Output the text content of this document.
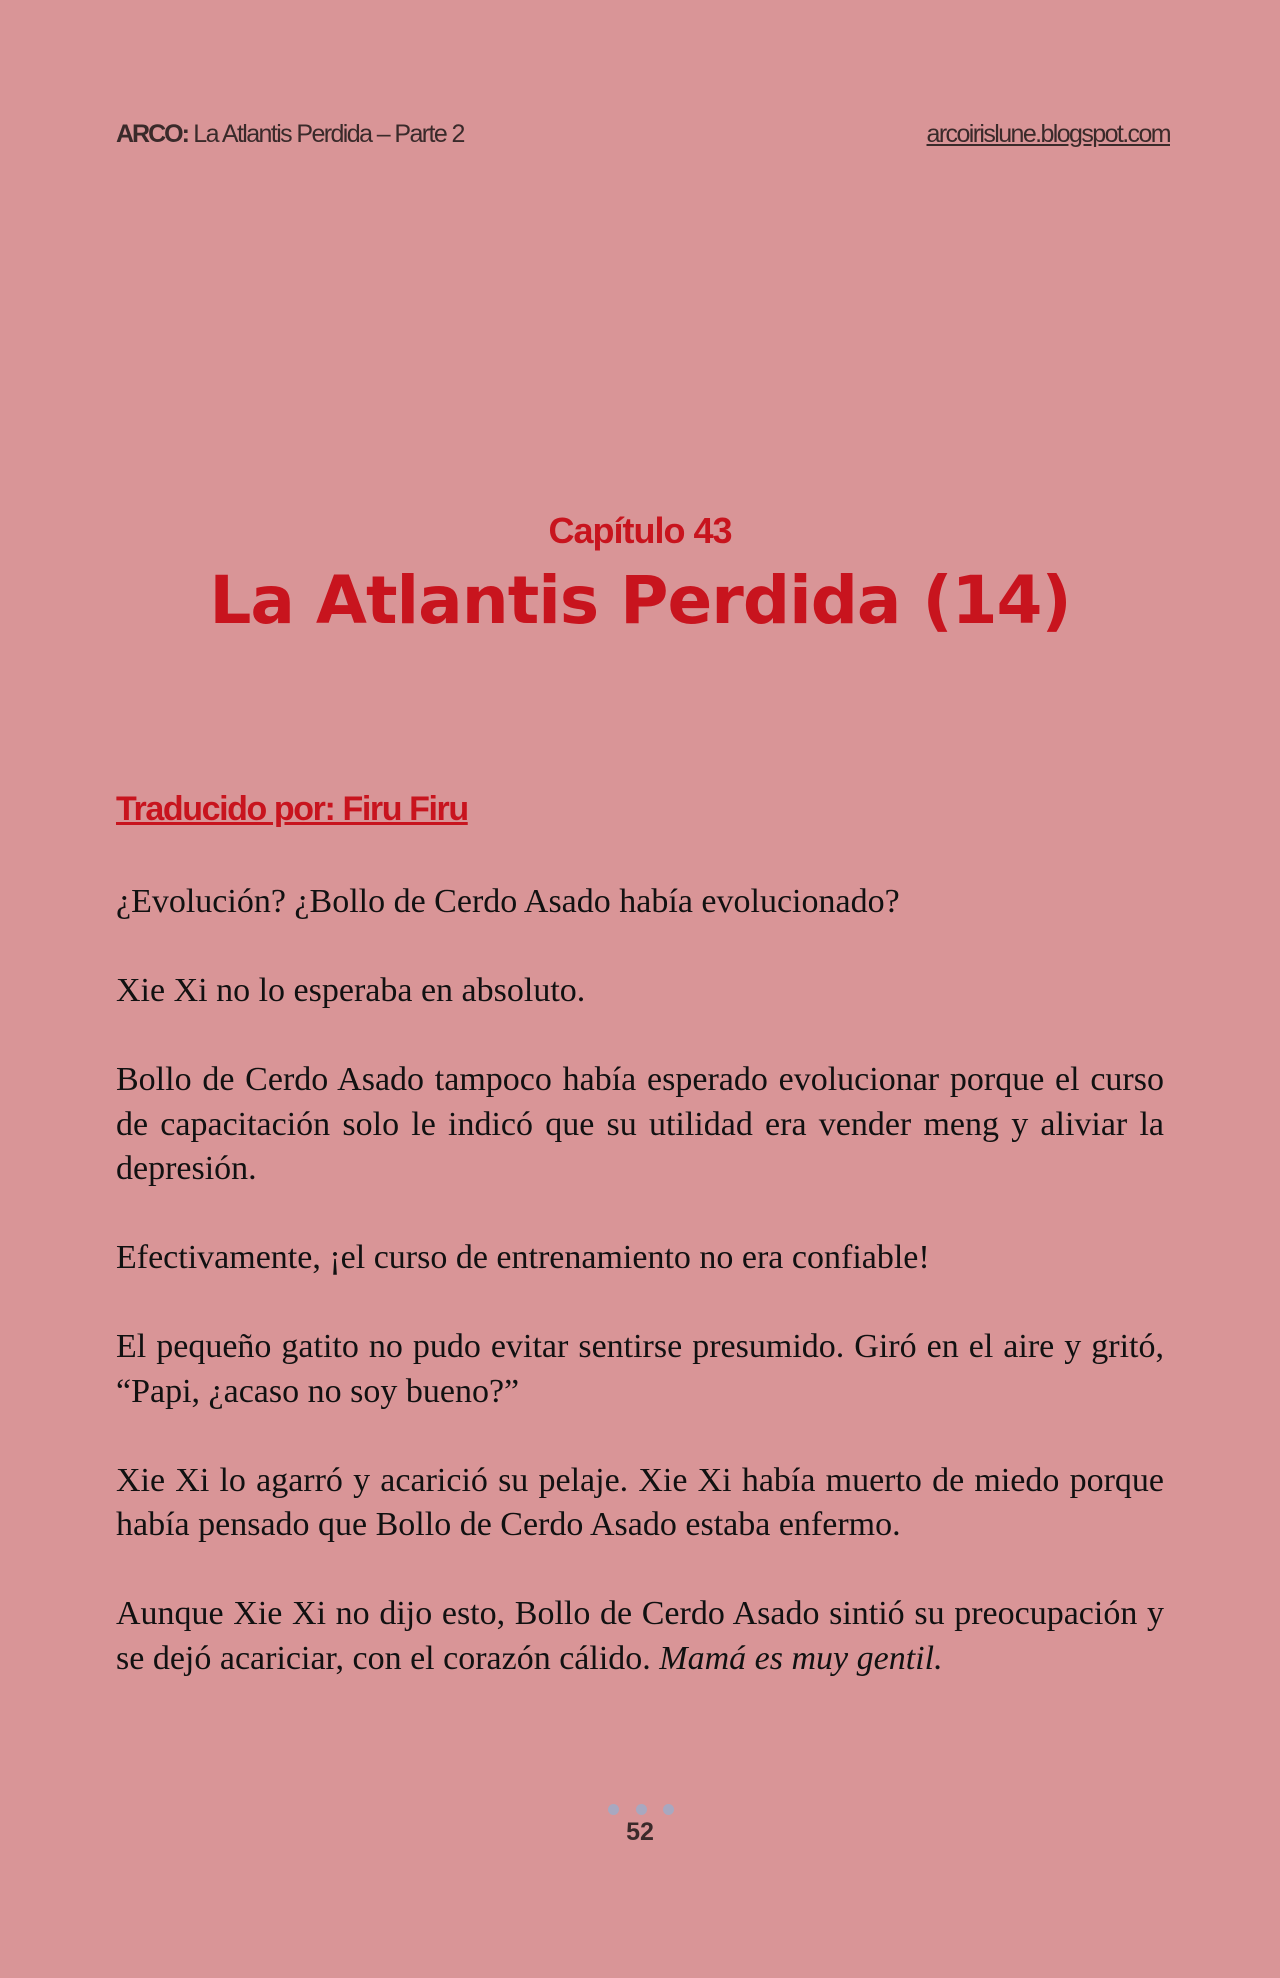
ARCO: La Atlantis Perdida – Parte 2	arcoirislune.blogspot.com
Capítulo 43
La Atlantis Perdida (14)
Traducido por: Firu Firu

¿Evolución? ¿Bollo de Cerdo Asado había evolucionado?

Xie Xi no lo esperaba en absoluto.

Bollo de Cerdo Asado tampoco había esperado evolucionar porque el curso de capacitación solo le indicó que su utilidad era vender meng y aliviar la depresión.

Efectivamente, ¡el curso de entrenamiento no era confiable!

El pequeño gatito no pudo evitar sentirse presumido. Giró en el aire y gritó, “Papi, ¿acaso no soy bueno?”

Xie Xi lo agarró y acarició su pelaje. Xie Xi había muerto de miedo porque había pensado que Bollo de Cerdo Asado estaba enfermo.

Aunque Xie Xi no dijo esto, Bollo de Cerdo Asado sintió su preocupación y se dejó acariciar, con el corazón cálido. Mamá es muy gentil.

52
